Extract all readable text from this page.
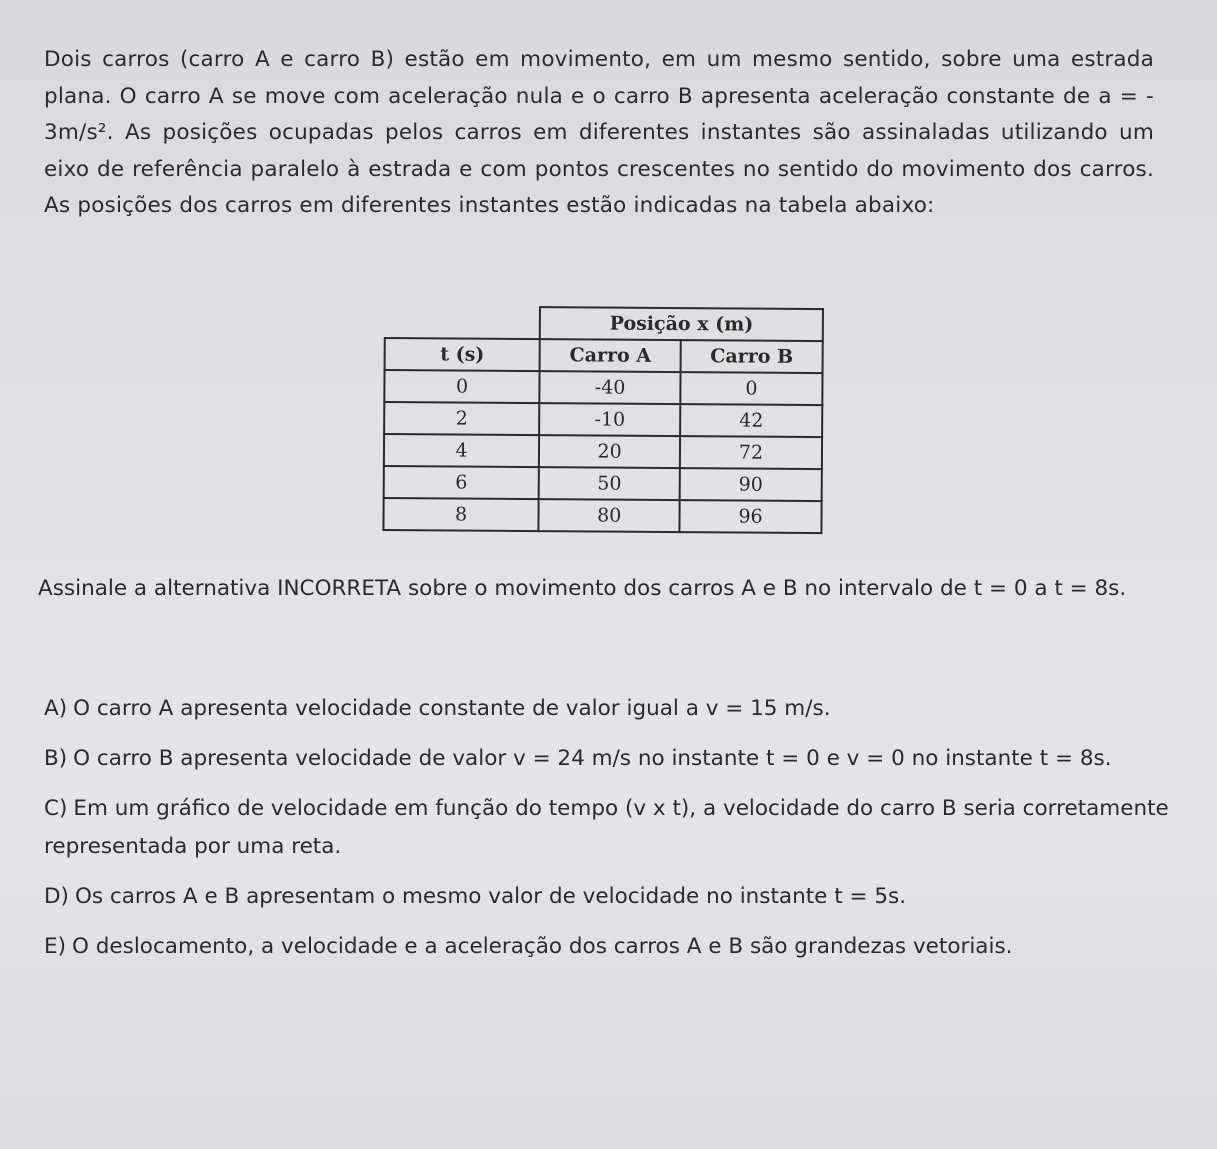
Dois carros (carro A e carro B) estão em movimento, em um mesmo sentido, sobre uma estrada plana. O carro A se move com aceleração nula e o carro B apresenta aceleração constante de a = - 3m/s². As posições ocupadas pelos carros em diferentes instantes são assinaladas utilizando um eixo de referência paralelo à estrada e com pontos crescentes no sentido do movimento dos carros. As posições dos carros em diferentes instantes estão indicadas na tabela abaixo:

	Posição x (m)	
t (s)	Carro A	Carro B
0	-40	0
2	-10	42
4	20	72
6	50	90
8	80	96

Assinale a alternativa INCORRETA sobre o movimento dos carros A e B no intervalo de t = 0 a t = 8s.

A) O carro A apresenta velocidade constante de valor igual a v = 15 m/s.

B) O carro B apresenta velocidade de valor v = 24 m/s no instante t = 0 e v = 0 no instante t = 8s.

C) Em um gráfico de velocidade em função do tempo (v x t), a velocidade do carro B seria corretamente representada por uma reta.

D) Os carros A e B apresentam o mesmo valor de velocidade no instante t = 5s.

E) O deslocamento, a velocidade e a aceleração dos carros A e B são grandezas vetoriais.
